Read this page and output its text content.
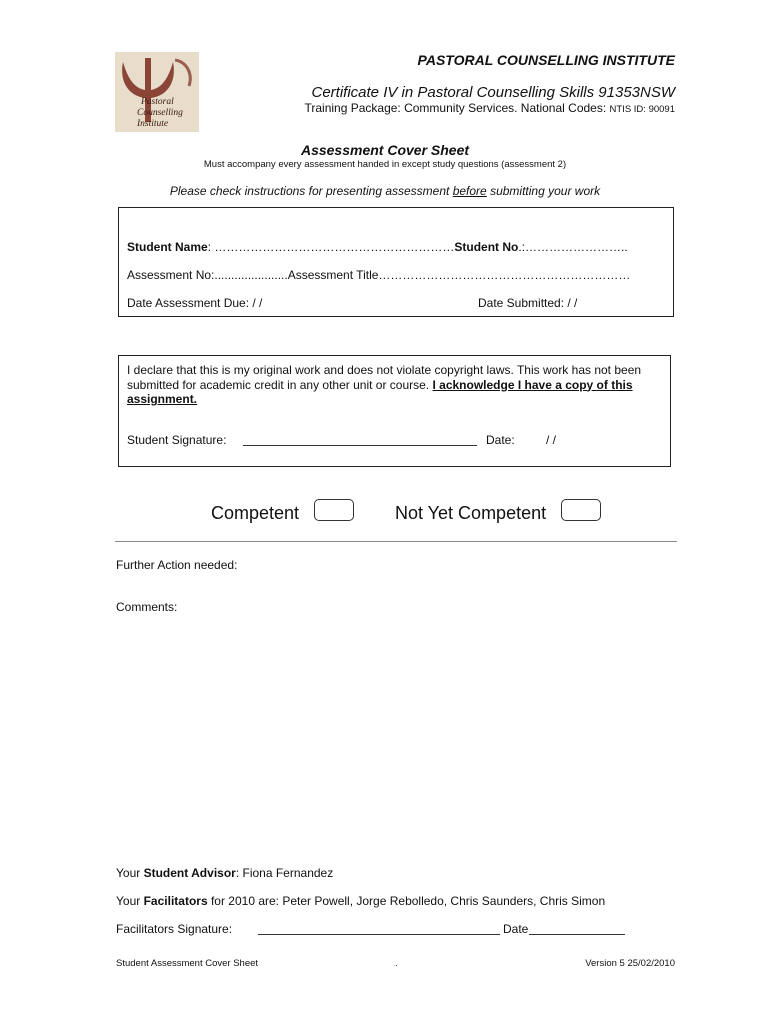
Pastoral
Counselling
Institute
PASTORAL COUNSELLING INSTITUTE
Certificate IV in Pastoral Counselling Skills 91353NSW
Training Package: Community Services. National Codes: NTIS ID: 90091
Assessment Cover Sheet
Must accompany every assessment handed in except study questions (assessment 2)
Please check instructions for presenting assessment before submitting your work
Student Name: ……………………………………………………Student No.:……………………..
Assessment No:......................Assessment Title………………………………………………………
Date Assessment Due: / /	Date Submitted: / /
I declare that this is my original work and does not violate copyright laws. This work has not been submitted for academic credit in any other unit or course. I acknowledge I have a copy of this assignment.
Student Signature:	Date:	/ /
Competent	Not Yet Competent
Further Action needed:
Comments:
Your Student Advisor: Fiona Fernandez
Your Facilitators for 2010 are: Peter Powell, Jorge Rebolledo, Chris Saunders, Chris Simon
Facilitators Signature:	Date
Student Assessment Cover Sheet	.	Version 5 25/02/2010
